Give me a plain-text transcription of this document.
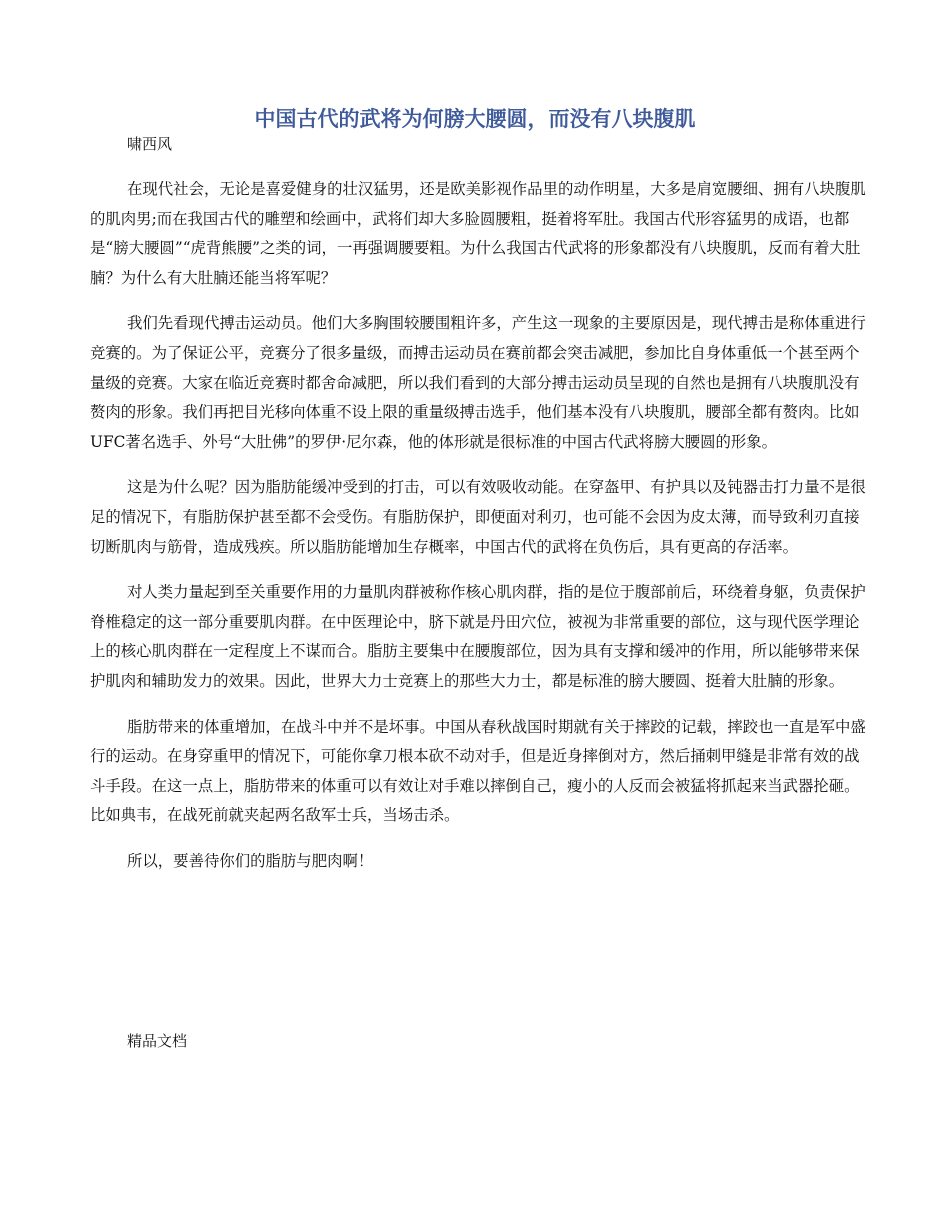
中国古代的武将为何膀大腰圆，而没有八块腹肌

啸西风

在现代社会，无论是喜爱健身的壮汉猛男，还是欧美影视作品里的动作明星，大多是肩宽腰细、拥有八块腹肌的肌肉男;而在我国古代的雕塑和绘画中，武将们却大多脸圆腰粗，挺着将军肚。我国古代形容猛男的成语，也都是“膀大腰圆”“虎背熊腰”之类的词，一再强调腰要粗。为什么我国古代武将的形象都没有八块腹肌，反而有着大肚腩？为什么有大肚腩还能当将军呢？

我们先看现代搏击运动员。他们大多胸围较腰围粗许多，产生这一现象的主要原因是，现代搏击是称体重进行竞赛的。为了保证公平，竞赛分了很多量级，而搏击运动员在赛前都会突击减肥，参加比自身体重低一个甚至两个量级的竞赛。大家在临近竞赛时都舍命减肥，所以我们看到的大部分搏击运动员呈现的自然也是拥有八块腹肌没有赘肉的形象。我们再把目光移向体重不设上限的重量级搏击选手，他们基本没有八块腹肌，腰部全都有赘肉。比如UFC著名选手、外号“大肚佛”的罗伊·尼尔森，他的体形就是很标准的中国古代武将膀大腰圆的形象。

这是为什么呢？因为脂肪能缓冲受到的打击，可以有效吸收动能。在穿盔甲、有护具以及钝器击打力量不是很足的情况下，有脂肪保护甚至都不会受伤。有脂肪保护，即便面对利刃，也可能不会因为皮太薄，而导致利刃直接切断肌肉与筋骨，造成残疾。所以脂肪能增加生存概率，中国古代的武将在负伤后，具有更高的存活率。

对人类力量起到至关重要作用的力量肌肉群被称作核心肌肉群，指的是位于腹部前后，环绕着身躯，负责保护脊椎稳定的这一部分重要肌肉群。在中医理论中，脐下就是丹田穴位，被视为非常重要的部位，这与现代医学理论上的核心肌肉群在一定程度上不谋而合。脂肪主要集中在腰腹部位，因为具有支撑和缓冲的作用，所以能够带来保护肌肉和辅助发力的效果。因此，世界大力士竞赛上的那些大力士，都是标准的膀大腰圆、挺着大肚腩的形象。

脂肪带来的体重增加，在战斗中并不是坏事。中国从春秋战国时期就有关于摔跤的记载，摔跤也一直是军中盛行的运动。在身穿重甲的情况下，可能你拿刀根本砍不动对手，但是近身摔倒对方，然后捅刺甲缝是非常有效的战斗手段。在这一点上，脂肪带来的体重可以有效让对手难以摔倒自己，瘦小的人反而会被猛将抓起来当武器抡砸。比如典韦，在战死前就夹起两名敌军士兵，当场击杀。

所以，要善待你们的脂肪与肥肉啊！

精品文档
